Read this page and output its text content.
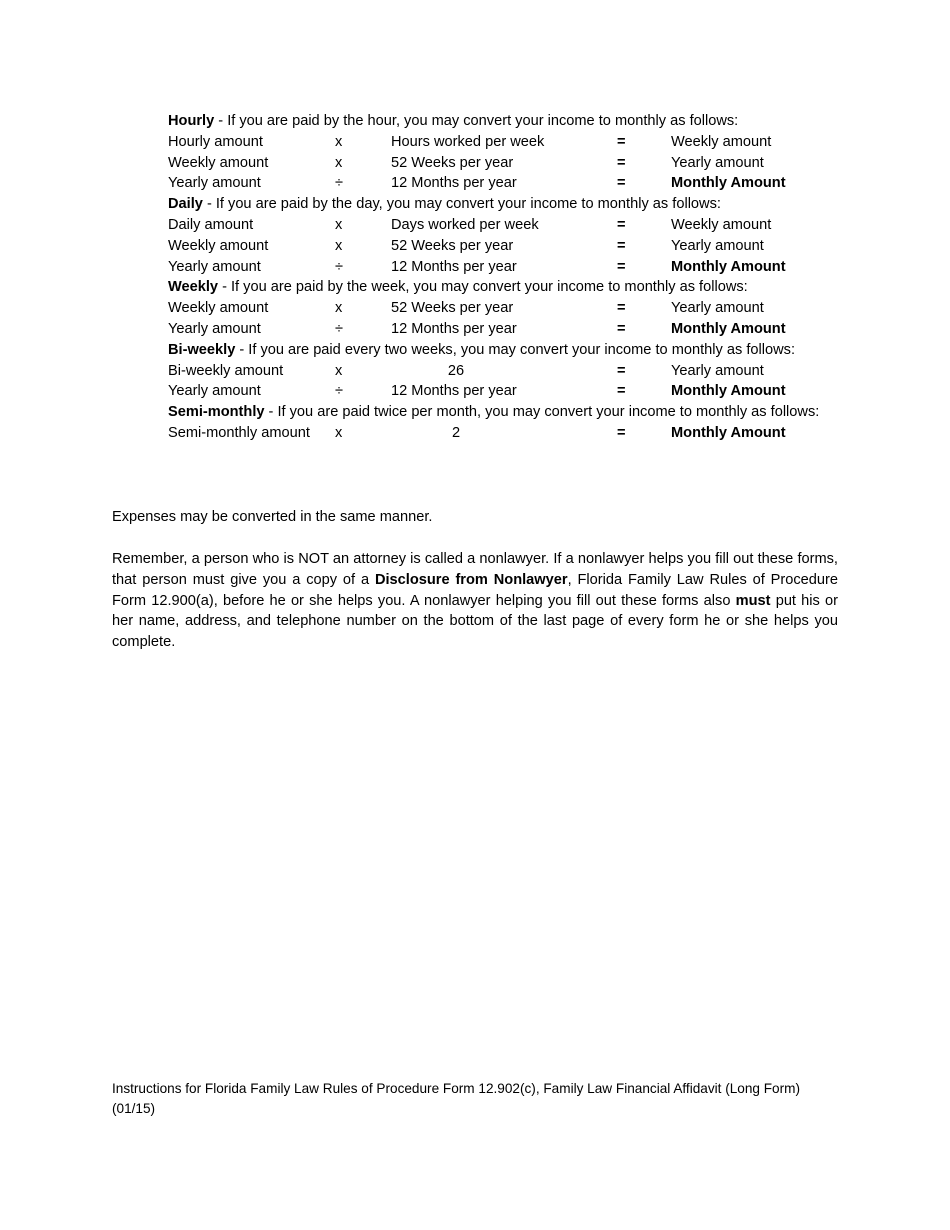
Hourly - If you are paid by the hour, you may convert your income to monthly as follows:
Hourly amount	x	Hours worked per week	=	Weekly amount
Weekly amount	x	52 Weeks per year	=	Yearly amount
Yearly amount	÷	12 Months per year	=	Monthly Amount
Daily - If you are paid by the day, you may convert your income to monthly as follows:
Daily amount	x	Days worked per week	=	Weekly amount
Weekly amount	x	52 Weeks per year	=	Yearly amount
Yearly amount	÷	12 Months per year	=	Monthly Amount
Weekly - If you are paid by the week, you may convert your income to monthly as follows:
Weekly amount	x	52 Weeks per year	=	Yearly amount
Yearly amount	÷	12 Months per year	=	Monthly Amount
Bi-weekly - If you are paid every two weeks, you may convert your income to monthly as follows:
Bi-weekly amount	x	26	=	Yearly amount
Yearly amount	÷	12 Months per year	=	Monthly Amount
Semi-monthly - If you are paid twice per month, you may convert your income to monthly as follows:
Semi-monthly amount x	2	=	Monthly Amount
Expenses may be converted in the same manner.
Remember, a person who is NOT an attorney is called a nonlawyer. If a nonlawyer helps you fill out these forms, that person must give you a copy of a Disclosure from Nonlawyer, Florida Family Law Rules of Procedure Form 12.900(a), before he or she helps you. A nonlawyer helping you fill out these forms also must put his or her name, address, and telephone number on the bottom of the last page of every form he or she helps you complete.
Instructions for Florida Family Law Rules of Procedure Form 12.902(c), Family Law Financial Affidavit (Long Form) (01/15)
